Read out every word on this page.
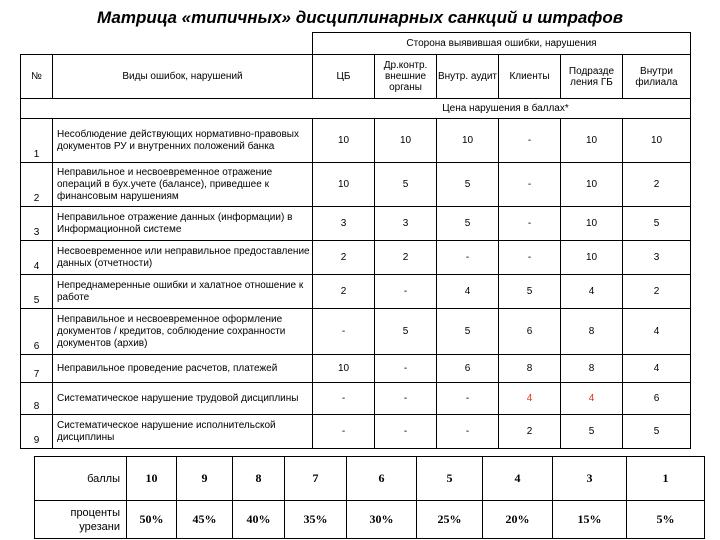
Матрица «типичных» дисциплинарных санкций и штрафов
		Сторона выявившая ошибки, нарушения					
№	Виды ошибок, нарушений	ЦБ	Др.контр. внешние органы	Внутр. аудит	Клиенты	Подразде ления ГБ	Внутри филиала
Цена нарушения в баллах*							
1	Несоблюдение действующих нормативно-правовых документов РУ и внутренних положений банка	10	10	10	-	10	10
2	Неправильное и несвоевременное отражение операций в бух.учете (балансе), приведшее к финансовым нарушениям	10	5	5	-	10	2
3	Неправильное отражение данных (информации) в Информационной системе	3	3	5	-	10	5
4	Несвоевременное или неправильное предоставление данных (отчетности)	2	2	-	-	10	3
5	Непреднамеренные ошибки и халатное отношение к работе	2	-	4	5	4	2
6	Неправильное и несвоевременное оформление документов / кредитов, соблюдение сохранности документов (архив)	-	5	5	6	8	4
7	Неправильное проведение расчетов, платежей	10	-	6	8	8	4
8	Систематическое нарушение трудовой дисциплины	-	-	-	4	4	6
9	Систематическое нарушение исполнительской дисциплины	-	-	-	2	5	5
баллы	10	9	8	7	6	5	4	3	1

проценты
урезани	50%	45%	40%	35%	30%	25%	20%	15%	5%
